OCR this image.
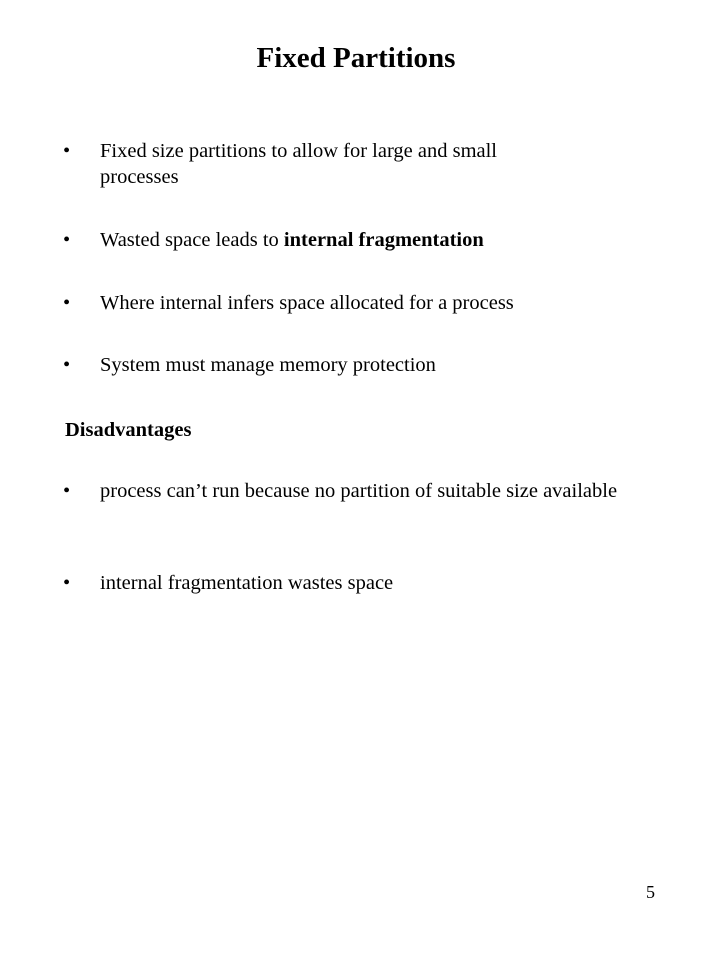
Fixed Partitions
•	Fixed size partitions to allow for large and small processes
•	Wasted space leads to internal fragmentation
•	Where internal infers space allocated for a process
•	System must manage memory protection
Disadvantages
•	process can’t run because no partition of suitable size available
•	internal fragmentation wastes space
5
